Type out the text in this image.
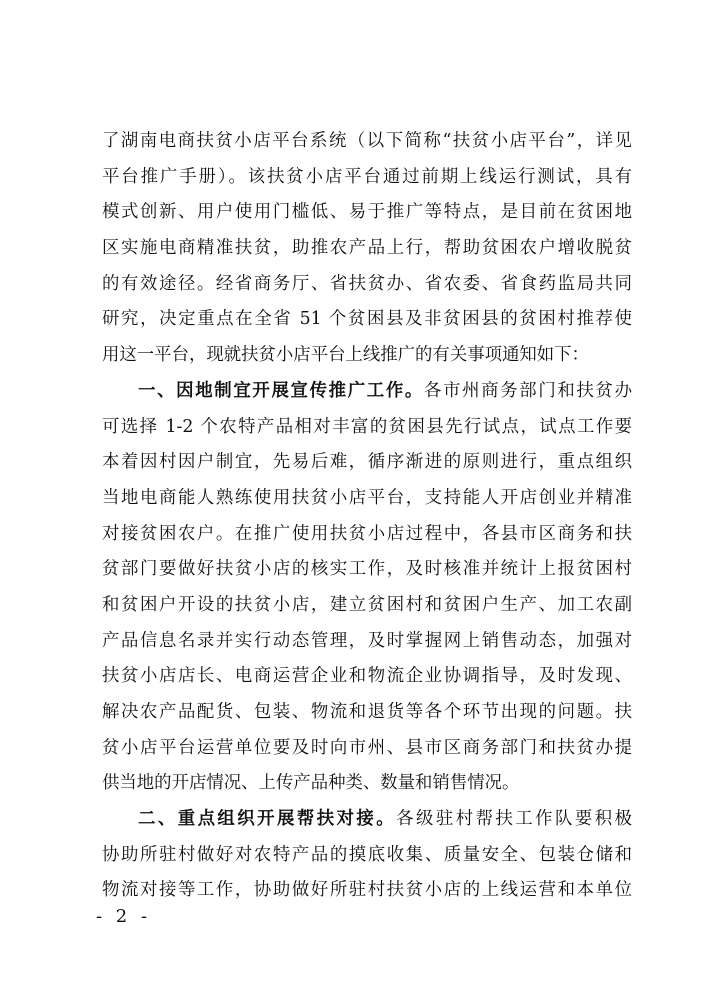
了湖南电商扶贫小店平台系统（以下简称“扶贫小店平台”，详见
平台推广手册）。该扶贫小店平台通过前期上线运行测试，具有
模式创新、用户使用门槛低、易于推广等特点，是目前在贫困地
区实施电商精准扶贫，助推农产品上行，帮助贫困农户增收脱贫
的有效途径。经省商务厅、省扶贫办、省农委、省食药监局共同
研究，决定重点在全省 51 个贫困县及非贫困县的贫困村推荐使
用这一平台，现就扶贫小店平台上线推广的有关事项通知如下：
一、因地制宜开展宣传推广工作。各市州商务部门和扶贫办
可选择 1-2 个农特产品相对丰富的贫困县先行试点，试点工作要
本着因村因户制宜，先易后难，循序渐进的原则进行，重点组织
当地电商能人熟练使用扶贫小店平台，支持能人开店创业并精准
对接贫困农户。在推广使用扶贫小店过程中，各县市区商务和扶
贫部门要做好扶贫小店的核实工作，及时核准并统计上报贫困村
和贫困户开设的扶贫小店，建立贫困村和贫困户生产、加工农副
产品信息名录并实行动态管理，及时掌握网上销售动态，加强对
扶贫小店店长、电商运营企业和物流企业协调指导，及时发现、
解决农产品配货、包装、物流和退货等各个环节出现的问题。扶
贫小店平台运营单位要及时向市州、县市区商务部门和扶贫办提
供当地的开店情况、上传产品种类、数量和销售情况。
二、重点组织开展帮扶对接。各级驻村帮扶工作队要积极
协助所驻村做好对农特产品的摸底收集、质量安全、包装仓储和
物流对接等工作，协助做好所驻村扶贫小店的上线运营和本单位
- 2 -
